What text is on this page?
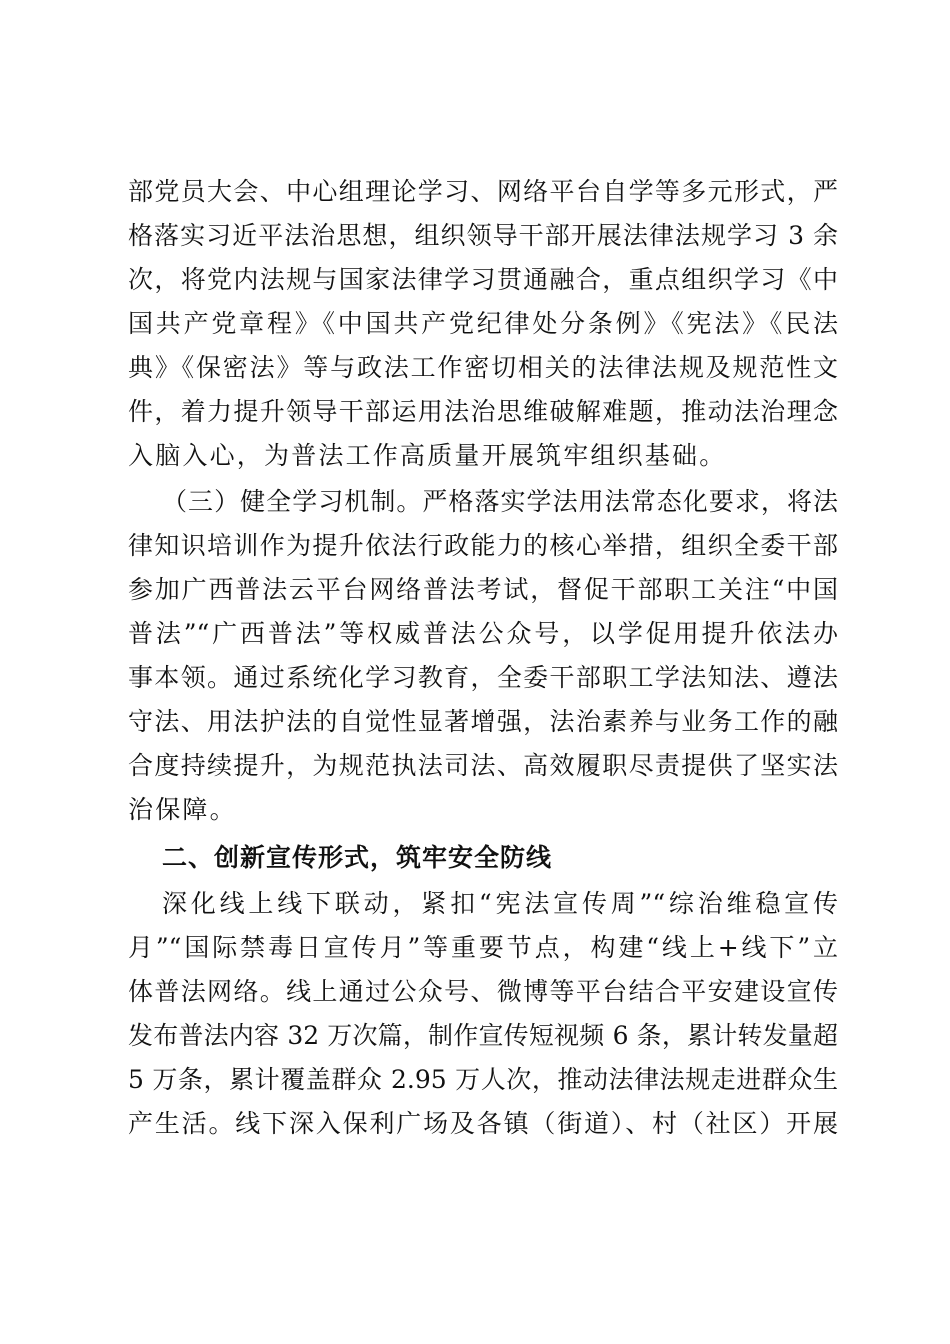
部党员大会、中心组理论学习、网络平台自学等多元形式，严
格落实习近平法治思想，组织领导干部开展法律法规学习 3 余
次，将党内法规与国家法律学习贯通融合，重点组织学习《中
国共产党章程》《中国共产党纪律处分条例》《宪法》《民法
典》《保密法》等与政法工作密切相关的法律法规及规范性文
件，着力提升领导干部运用法治思维破解难题，推动法治理念
入脑入心，为普法工作高质量开展筑牢组织基础。
（三）健全学习机制。严格落实学法用法常态化要求，将法
律知识培训作为提升依法行政能力的核心举措，组织全委干部
参加广西普法云平台网络普法考试，督促干部职工关注“中国
普法”“广西普法”等权威普法公众号，以学促用提升依法办
事本领。通过系统化学习教育，全委干部职工学法知法、遵法
守法、用法护法的自觉性显著增强，法治素养与业务工作的融
合度持续提升，为规范执法司法、高效履职尽责提供了坚实法
治保障。
二、创新宣传形式，筑牢安全防线
深化线上线下联动，紧扣“宪法宣传周”“综治维稳宣传
月”“国际禁毒日宣传月”等重要节点，构建“线上+线下”立
体普法网络。线上通过公众号、微博等平台结合平安建设宣传
发布普法内容 32 万次篇，制作宣传短视频 6 条，累计转发量超
5 万条，累计覆盖群众 2.95 万人次，推动法律法规走进群众生
产生活。线下深入保利广场及各镇（街道）、村（社区）开展
